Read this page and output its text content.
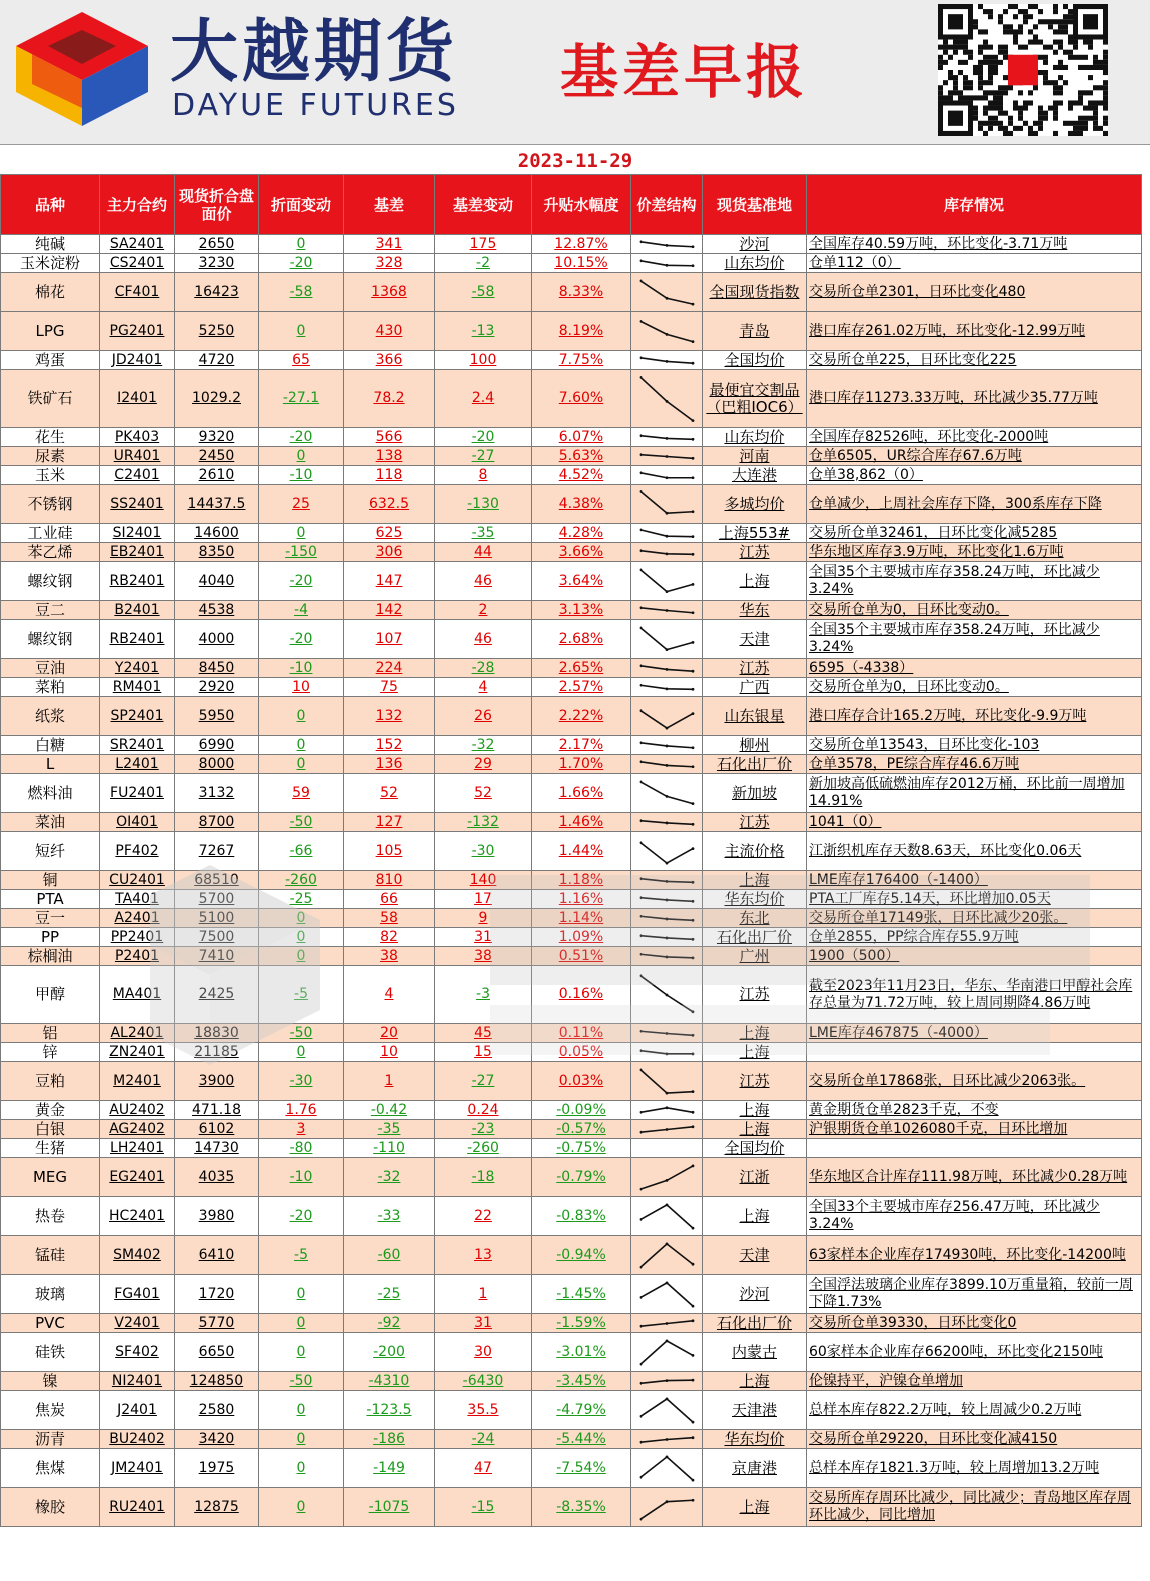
大越期货
DAYUE FUTURES 基差早报
2023-11-29
品种	主力合约	现货折合盘面价	折面变动	基差	基差变动	升贴水幅度	价差结构	现货基准地	库存情况
纯碱	SA2401	2650	0	341	175	12.87%		沙河	全国库存40.59万吨，环比变化-3.71万吨
玉米淀粉	CS2401	3230	-20	328	-2	10.15%		山东均价	仓单112（0）
棉花	CF401	16423	-58	1368	-58	8.33%		全国现货指数	交易所仓单2301，日环比变化480
LPG	PG2401	5250	0	430	-13	8.19%		青岛	港口库存261.02万吨，环比变化-12.99万吨
鸡蛋	JD2401	4720	65	366	100	7.75%		全国均价	交易所仓单225，日环比变化225
铁矿石	I2401	1029.2	-27.1	78.2	2.4	7.60%		最便宜交割品（巴粗IOC6）	港口库存11273.33万吨，环比减少35.77万吨
花生	PK403	9320	-20	566	-20	6.07%		山东均价	全国库存82526吨，环比变化-2000吨
尿素	UR401	2450	0	138	-27	5.63%		河南	仓单6505，UR综合库存67.6万吨
玉米	C2401	2610	-10	118	8	4.52%		大连港	仓单38,862（0）
不锈钢	SS2401	14437.5	25	632.5	-130	4.38%		多城均价	仓单减少，上周社会库存下降，300系库存下降
工业硅	SI2401	14600	0	625	-35	4.28%		上海553#	交易所仓单32461，日环比变化减5285
苯乙烯	EB2401	8350	-150	306	44	3.66%		江苏	华东地区库存3.9万吨，环比变化1.6万吨
螺纹钢	RB2401	4040	-20	147	46	3.64%		上海	全国35个主要城市库存358.24万吨，环比减少3.24%
豆二	B2401	4538	-4	142	2	3.13%		华东	交易所仓单为0，日环比变动0。
螺纹钢	RB2401	4000	-20	107	46	2.68%		天津	全国35个主要城市库存358.24万吨，环比减少3.24%
豆油	Y2401	8450	-10	224	-28	2.65%		江苏	6595（-4338）
菜粕	RM401	2920	10	75	4	2.57%		广西	交易所仓单为0，日环比变动0。
纸浆	SP2401	5950	0	132	26	2.22%		山东银星	港口库存合计165.2万吨，环比变化-9.9万吨
白糖	SR2401	6990	0	152	-32	2.17%		柳州	交易所仓单13543，日环比变化-103
L	L2401	8000	0	136	29	1.70%		石化出厂价	仓单3578，PE综合库存46.6万吨
燃料油	FU2401	3132	59	52	52	1.66%		新加坡	新加坡高低硫燃油库存2012万桶，环比前一周增加14.91%
菜油	OI401	8700	-50	127	-132	1.46%		江苏	1041（0）
短纤	PF402	7267	-66	105	-30	1.44%		主流价格	江浙织机库存天数8.63天，环比变化0.06天
铜	CU2401	68510	-260	810	140	1.18%		上海	LME库存176400（-1400）
PTA	TA401	5700	-25	66	17	1.16%		华东均价	PTA工厂库存5.14天，环比增加0.05天
豆一	A2401	5100	0	58	9	1.14%		东北	交易所仓单17149张，日环比减少20张。
PP	PP2401	7500	0	82	31	1.09%		石化出厂价	仓单2855，PP综合库存55.9万吨
棕榈油	P2401	7410	0	38	38	0.51%		广州	1900（500）
甲醇	MA401	2425	-5	4	-3	0.16%		江苏	截至2023年11月23日，华东、华南港口甲醇社会库存总量为71.72万吨，较上周同期降4.86万吨
铝	AL2401	18830	-50	20	45	0.11%		上海	LME库存467875（-4000）
锌	ZN2401	21185	0	10	15	0.05%		上海	
豆粕	M2401	3900	-30	1	-27	0.03%		江苏	交易所仓单17868张，日环比减少2063张。
黄金	AU2402	471.18	1.76	-0.42	0.24	-0.09%		上海	黄金期货仓单2823千克，不变
白银	AG2402	6102	3	-35	-23	-0.57%		上海	沪银期货仓单1026080千克，日环比增加
生猪	LH2401	14730	-80	-110	-260	-0.75%		全国均价	
MEG	EG2401	4035	-10	-32	-18	-0.79%		江浙	华东地区合计库存111.98万吨，环比减少0.28万吨
热卷	HC2401	3980	-20	-33	22	-0.83%		上海	全国33个主要城市库存256.47万吨，环比减少3.24%
锰硅	SM402	6410	-5	-60	13	-0.94%		天津	63家样本企业库存174930吨，环比变化-14200吨
玻璃	FG401	1720	0	-25	1	-1.45%		沙河	全国浮法玻璃企业库存3899.10万重量箱，较前一周下降1.73%
PVC	V2401	5770	0	-92	31	-1.59%		石化出厂价	交易所仓单39330，日环比变化0
硅铁	SF402	6650	0	-200	30	-3.01%		内蒙古	60家样本企业库存66200吨，环比变化2150吨
镍	NI2401	124850	-50	-4310	-6430	-3.45%		上海	伦镍持平，沪镍仓单增加
焦炭	J2401	2580	0	-123.5	35.5	-4.79%		天津港	总样本库存822.2万吨，较上周减少0.2万吨
沥青	BU2402	3420	0	-186	-24	-5.44%		华东均价	交易所仓单29220，日环比变化减4150
焦煤	JM2401	1975	0	-149	47	-7.54%		京唐港	总样本库存1821.3万吨，较上周增加13.2万吨
橡胶	RU2401	12875	0	-1075	-15	-8.35%		上海	交易所库存周环比减少，同比减少；青岛地区库存周环比减少，同比增加
